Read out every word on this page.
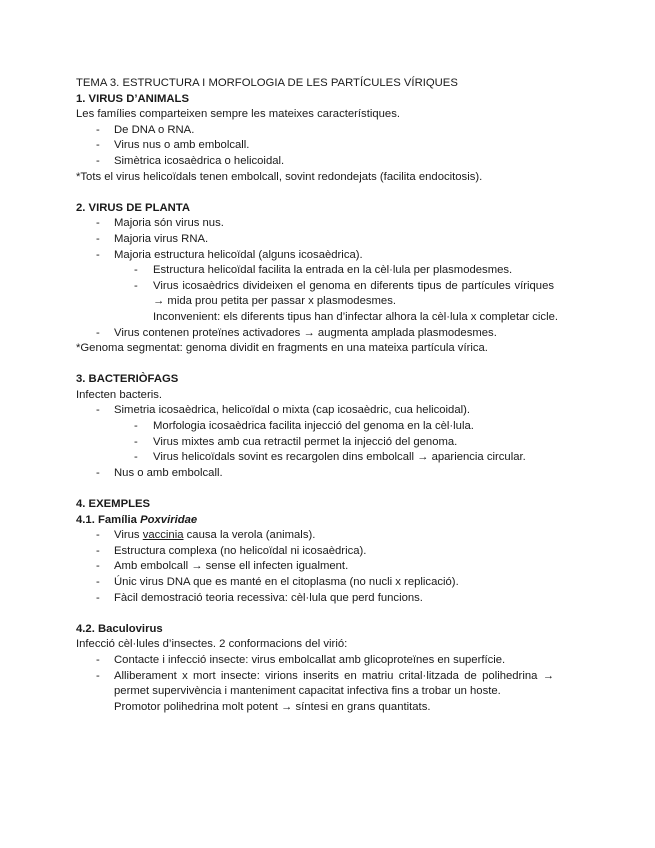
TEMA 3. ESTRUCTURA I MORFOLOGIA DE LES PARTÍCULES VÍRIQUES
1. VIRUS D’ANIMALS
Les famílies comparteixen sempre les mateixes característiques.
- De DNA o RNA.
- Virus nus o amb embolcall.
- Simètrica icosaèdrica o helicoidal.
*Tots el virus helicoïdals tenen embolcall, sovint redondejats (facilita endocitosis).
2. VIRUS DE PLANTA
- Majoria són virus nus.
- Majoria virus RNA.
- Majoria estructura helicoïdal (alguns icosaèdrica).
- Estructura helicoïdal facilita la entrada en la cèl·lula per plasmodesmes.
- Virus icosaèdrics divideixen el genoma en diferents tipus de partícules víriques
→ mida prou petita per passar x plasmodesmes.
Inconvenient: els diferents tipus han d’infectar alhora la cèl·lula x completar cicle.
- Virus contenen proteïnes activadores → augmenta amplada plasmodesmes.
*Genoma segmentat: genoma dividit en fragments en una mateixa partícula vírica.
3. BACTERIÒFAGS
Infecten bacteris.
- Simetria icosaèdrica, helicoïdal o mixta (cap icosaèdric, cua helicoidal).
- Morfologia icosaèdrica facilita injecció del genoma en la cèl·lula.
- Virus mixtes amb cua retractil permet la injecció del genoma.
- Virus helicoïdals sovint es recargolen dins embolcall → apariencia circular.
- Nus o amb embolcall.
4. EXEMPLES
4.1. Família Poxviridae
- Virus vaccinia causa la verola (animals).
- Estructura complexa (no helicoïdal ni icosaèdrica).
- Amb embolcall → sense ell infecten igualment.
- Únic virus DNA que es manté en el citoplasma (no nucli x replicació).
- Fàcil demostració teoria recessiva: cèl·lula que perd funcions.
4.2. Baculovirus
Infecció cèl·lules d’insectes. 2 conformacions del virió:
- Contacte i infecció insecte: virus embolcallat amb glicoproteïnes en superfície.
- Alliberament x mort insecte: virions inserits en matriu crital·litzada de polihedrina →
permet supervivència i manteniment capacitat infectiva fins a trobar un hoste.
Promotor polihedrina molt potent → síntesi en grans quantitats.
